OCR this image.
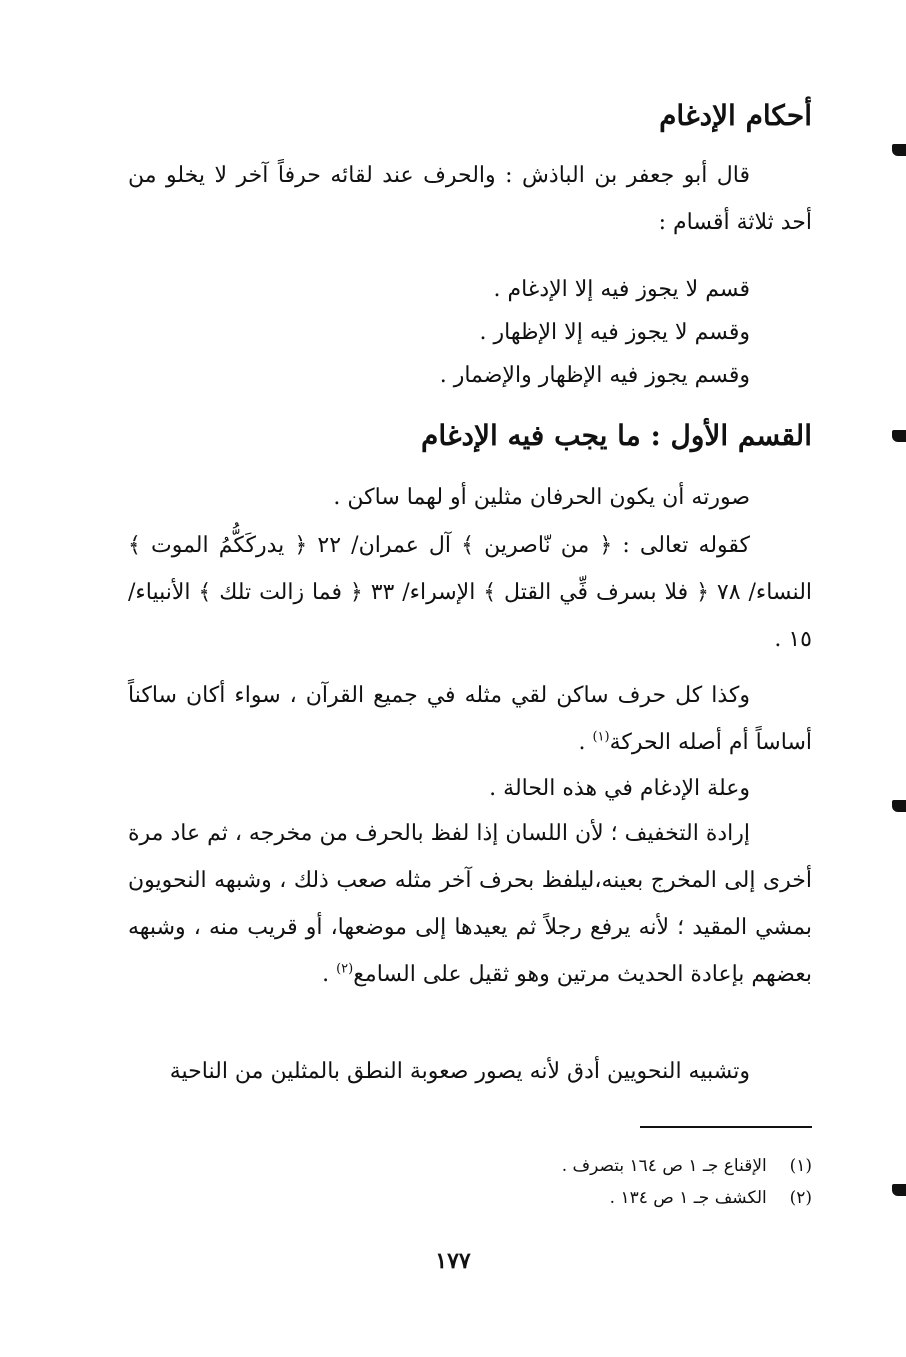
أحكام الإدغام

قال أبو جعفر بن الباذش : والحرف عند لقائه حرفاً آخر لا يخلو من أحد ثلاثة أقسام :

قسم لا يجوز فيه إلا الإدغام .

وقسم لا يجوز فيه إلا الإظهار .

وقسم يجوز فيه الإظهار والإضمار .

القسم الأول : ما يجب فيه الإدغام

صورته أن يكون الحرفان مثلين أو لهما ساكن .

كقوله تعالى : ﴿ من نّاصرين ﴾ آل عمران/ ٢٢ ﴿ يدركَكُّمُ الموت ﴾ النساء/ ٧٨ ﴿ فلا بسرف فِّي القتل ﴾ الإسراء/ ٣٣ ﴿ فما زالت تلك ﴾ الأنبياء/ ١٥ .

وكذا كل حرف ساكن لقي مثله في جميع القرآن ، سواء أكان ساكناً أساساً أم أصله الحركة$^{(١)}$ .

وعلة الإدغام في هذه الحالة .

إرادة التخفيف ؛ لأن اللسان إذا لفظ بالحرف من مخرجه ، ثم عاد مرة أخرى إلى المخرج بعينه،ليلفظ بحرف آخر مثله صعب ذلك ، وشبهه النحويون بمشي المقيد ؛ لأنه يرفع رجلاً ثم يعيدها إلى موضعها، أو قريب منه ، وشبهه بعضهم بإعادة الحديث مرتين وهو ثقيل على السامع$^{(٢)}$ .

وتشبيه النحويين أدق لأنه يصور صعوبة النطق بالمثلين من الناحية

(١)  الإقناع جـ ١ ص ١٦٤ بتصرف .
(٢)  الكشف جـ ١ ص ١٣٤ .
١٧٧
